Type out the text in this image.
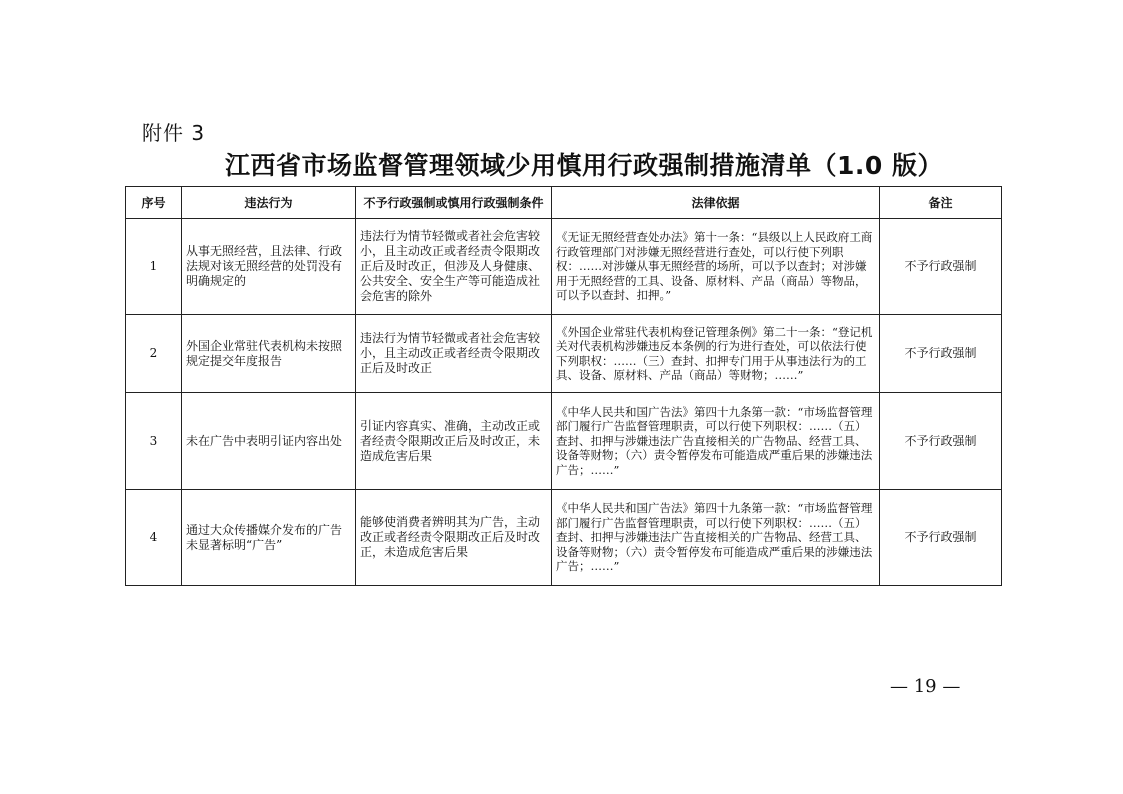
附件 3
江西省市场监督管理领域少用慎用行政强制措施清单（1.0 版）
序号	违法行为	不予行政强制或慎用行政强制条件	法律依据	备注
1	从事无照经营，且法律、行政法规对该无照经营的处罚没有明确规定的	违法行为情节轻微或者社会危害较小，且主动改正或者经责令限期改正后及时改正，但涉及人身健康、公共安全、安全生产等可能造成社会危害的除外	《无证无照经营查处办法》第十一条：“县级以上人民政府工商行政管理部门对涉嫌无照经营进行查处，可以行使下列职权：……对涉嫌从事无照经营的场所，可以予以查封；对涉嫌用于无照经营的工具、设备、原材料、产品（商品）等物品，可以予以查封、扣押。”	不予行政强制
2	外国企业常驻代表机构未按照规定提交年度报告	违法行为情节轻微或者社会危害较小，且主动改正或者经责令限期改正后及时改正	《外国企业常驻代表机构登记管理条例》第二十一条：“登记机关对代表机构涉嫌违反本条例的行为进行查处，可以依法行使下列职权：……（三）查封、扣押专门用于从事违法行为的工具、设备、原材料、产品（商品）等财物；……”	不予行政强制
3	未在广告中表明引证内容出处	引证内容真实、准确，主动改正或者经责令限期改正后及时改正，未造成危害后果	《中华人民共和国广告法》第四十九条第一款：“市场监督管理部门履行广告监督管理职责，可以行使下列职权：……（五）查封、扣押与涉嫌违法广告直接相关的广告物品、经营工具、设备等财物；（六）责令暂停发布可能造成严重后果的涉嫌违法广告；……”	不予行政强制
4	通过大众传播媒介发布的广告未显著标明“广告”	能够使消费者辨明其为广告，主动改正或者经责令限期改正后及时改正，未造成危害后果	《中华人民共和国广告法》第四十九条第一款：“市场监督管理部门履行广告监督管理职责，可以行使下列职权：……（五）查封、扣押与涉嫌违法广告直接相关的广告物品、经营工具、设备等财物；（六）责令暂停发布可能造成严重后果的涉嫌违法广告；……”	不予行政强制
— 19 —
